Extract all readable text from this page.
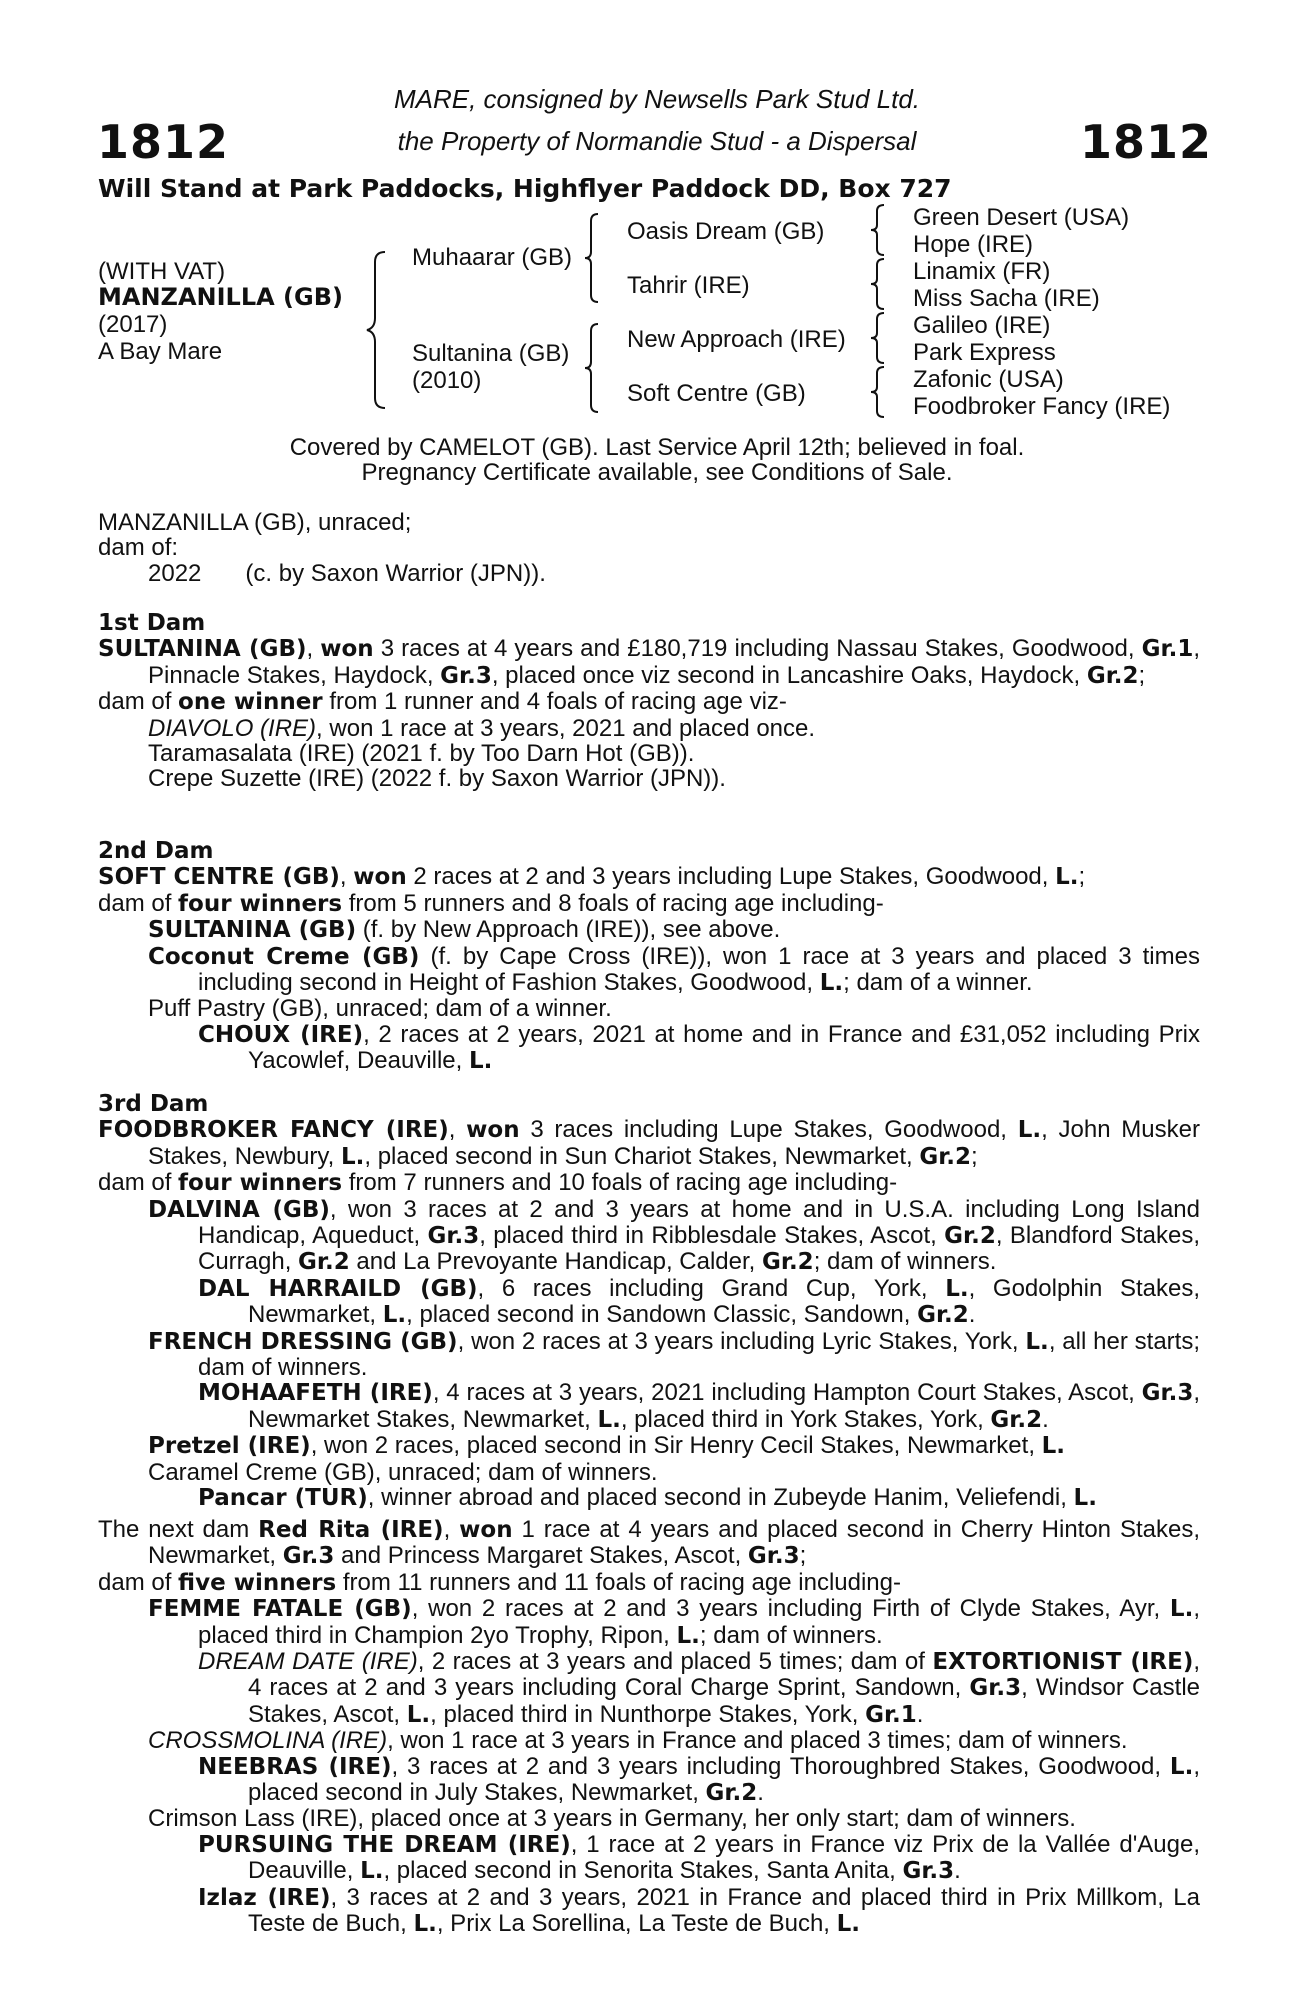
1812	1812
MARE, consigned by Newsells Park Stud Ltd.
the Property of Normandie Stud - a Dispersal
Will Stand at Park Paddocks, Highflyer Paddock DD, Box 727
(WITH VAT)
MANZANILLA (GB)
(2017)
A Bay Mare
Muhaarar (GB)
Sultanina (GB)
(2010)
Oasis Dream (GB)
Tahrir (IRE)
New Approach (IRE)
Soft Centre (GB)
Green Desert (USA)
Hope (IRE)
Linamix (FR)
Miss Sacha (IRE)
Galileo (IRE)
Park Express
Zafonic (USA)
Foodbroker Fancy (IRE)
Covered by CAMELOT (GB). Last Service April 12th; believed in foal.
Pregnancy Certificate available, see Conditions of Sale.

MANZANILLA (GB), unraced;

dam of:

2022 (c. by Saxon Warrior (JPN)).

1st Dam

SULTANINA (GB), won 3 races at 4 years and £180,719 including Nassau Stakes, Goodwood, Gr.1, Pinnacle Stakes, Haydock, Gr.3, placed once viz second in Lancashire Oaks, Haydock, Gr.2;

dam of one winner from 1 runner and 4 foals of racing age viz-

DIAVOLO (IRE), won 1 race at 3 years, 2021 and placed once.

Taramasalata (IRE) (2021 f. by Too Darn Hot (GB)).

Crepe Suzette (IRE) (2022 f. by Saxon Warrior (JPN)).

2nd Dam

SOFT CENTRE (GB), won 2 races at 2 and 3 years including Lupe Stakes, Goodwood, L.;

dam of four winners from 5 runners and 8 foals of racing age including-

SULTANINA (GB) (f. by New Approach (IRE)), see above.

Coconut Creme (GB) (f. by Cape Cross (IRE)), won 1 race at 3 years and placed 3 times including second in Height of Fashion Stakes, Goodwood, L.; dam of a winner.

Puff Pastry (GB), unraced; dam of a winner.

CHOUX (IRE), 2 races at 2 years, 2021 at home and in France and £31,052 including Prix Yacowlef, Deauville, L.

3rd Dam

FOODBROKER FANCY (IRE), won 3 races including Lupe Stakes, Goodwood, L., John Musker Stakes, Newbury, L., placed second in Sun Chariot Stakes, Newmarket, Gr.2;

dam of four winners from 7 runners and 10 foals of racing age including-

DALVINA (GB), won 3 races at 2 and 3 years at home and in U.S.A. including Long Island Handicap, Aqueduct, Gr.3, placed third in Ribblesdale Stakes, Ascot, Gr.2, Blandford Stakes, Curragh, Gr.2 and La Prevoyante Handicap, Calder, Gr.2; dam of winners.

DAL HARRAILD (GB), 6 races including Grand Cup, York, L., Godolphin Stakes, Newmarket, L., placed second in Sandown Classic, Sandown, Gr.2.

FRENCH DRESSING (GB), won 2 races at 3 years including Lyric Stakes, York, L., all her starts; dam of winners.

MOHAAFETH (IRE), 4 races at 3 years, 2021 including Hampton Court Stakes, Ascot, Gr.3, Newmarket Stakes, Newmarket, L., placed third in York Stakes, York, Gr.2.

Pretzel (IRE), won 2 races, placed second in Sir Henry Cecil Stakes, Newmarket, L.

Caramel Creme (GB), unraced; dam of winners.

Pancar (TUR), winner abroad and placed second in Zubeyde Hanim, Veliefendi, L.

The next dam Red Rita (IRE), won 1 race at 4 years and placed second in Cherry Hinton Stakes, Newmarket, Gr.3 and Princess Margaret Stakes, Ascot, Gr.3;

dam of five winners from 11 runners and 11 foals of racing age including-

FEMME FATALE (GB), won 2 races at 2 and 3 years including Firth of Clyde Stakes, Ayr, L., placed third in Champion 2yo Trophy, Ripon, L.; dam of winners.

DREAM DATE (IRE), 2 races at 3 years and placed 5 times; dam of EXTORTIONIST (IRE), 4 races at 2 and 3 years including Coral Charge Sprint, Sandown, Gr.3, Windsor Castle Stakes, Ascot, L., placed third in Nunthorpe Stakes, York, Gr.1.

CROSSMOLINA (IRE), won 1 race at 3 years in France and placed 3 times; dam of winners.

NEEBRAS (IRE), 3 races at 2 and 3 years including Thoroughbred Stakes, Goodwood, L., placed second in July Stakes, Newmarket, Gr.2.

Crimson Lass (IRE), placed once at 3 years in Germany, her only start; dam of winners.

PURSUING THE DREAM (IRE), 1 race at 2 years in France viz Prix de la Vallée d'Auge, Deauville, L., placed second in Senorita Stakes, Santa Anita, Gr.3.

Izlaz (IRE), 3 races at 2 and 3 years, 2021 in France and placed third in Prix Millkom, La Teste de Buch, L., Prix La Sorellina, La Teste de Buch, L.
